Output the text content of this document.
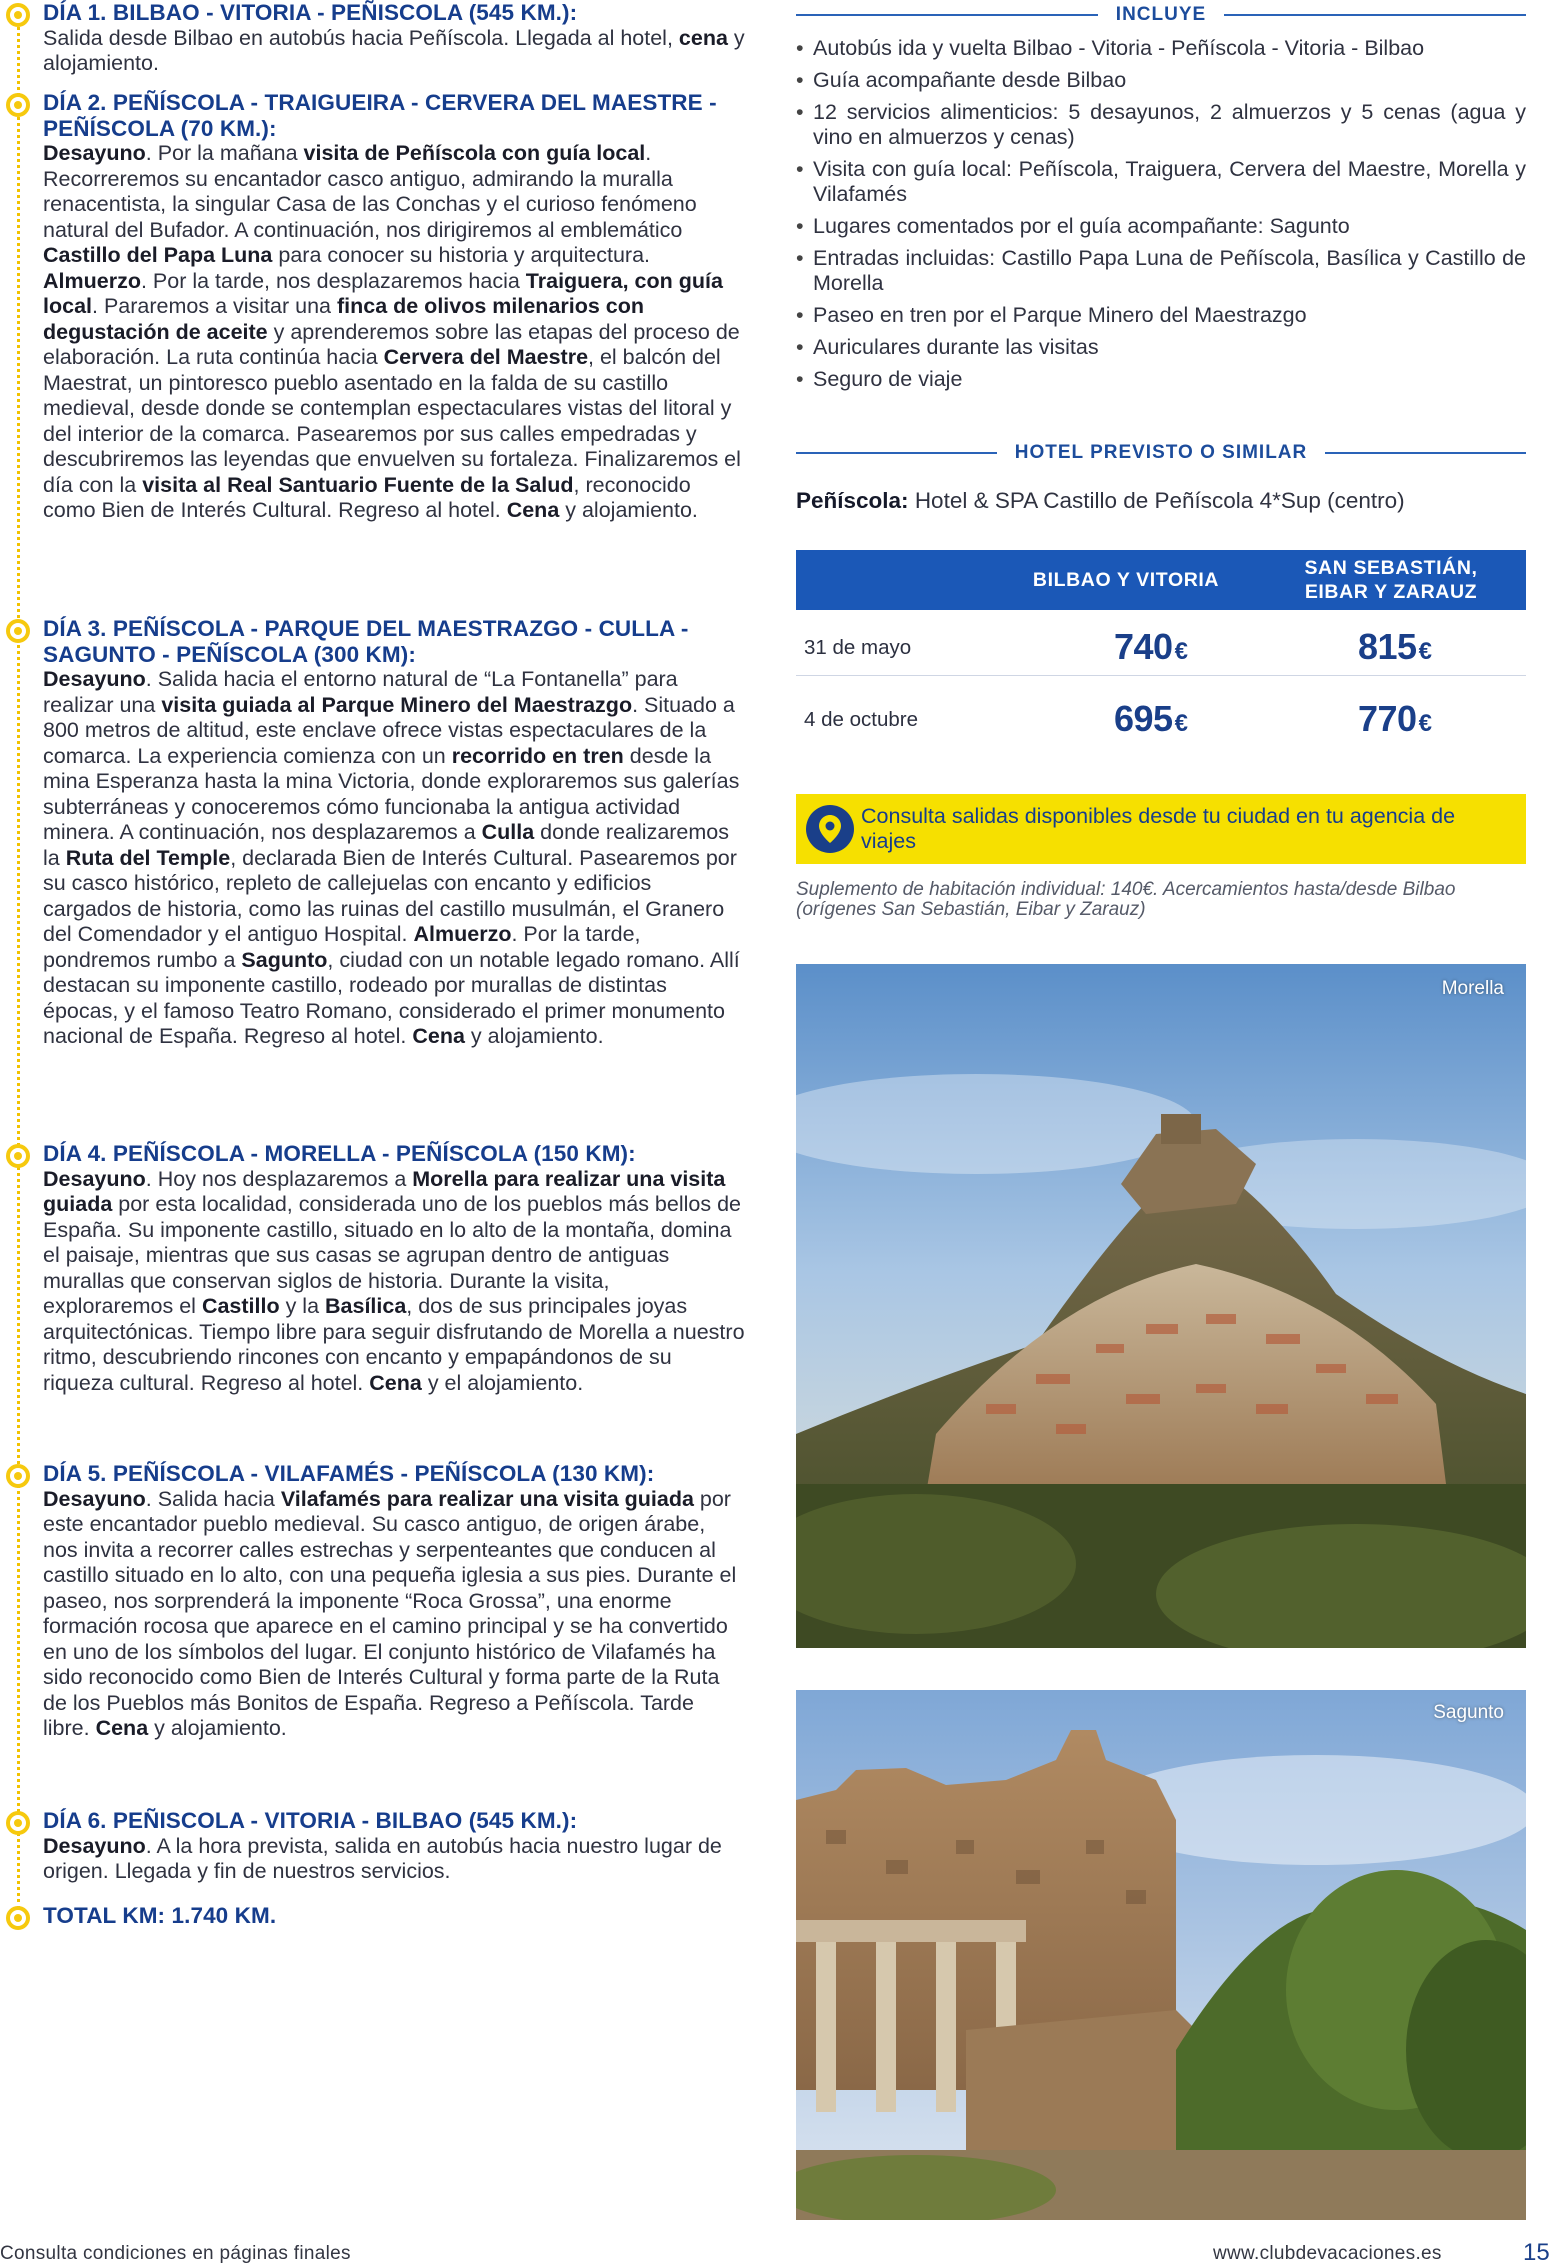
DÍA 1. BILBAO - VITORIA - PEÑISCOLA (545 KM.):
Salida desde Bilbao en autobús hacia Peñíscola. Llegada al hotel, cena y alojamiento.
DÍA 2. PEÑÍSCOLA - TRAIGUEIRA - CERVERA DEL MAESTRE - PEÑÍSCOLA (70 KM.):
Desayuno. Por la mañana visita de Peñíscola con guía local. Recorreremos su encantador casco antiguo, admirando la muralla renacentista, la singular Casa de las Conchas y el curioso fenómeno natural del Bufador. A continuación, nos dirigiremos al emblemático Castillo del Papa Luna para conocer su historia y arquitectura. Almuerzo. Por la tarde, nos desplazaremos hacia Traiguera, con guía local. Pararemos a visitar una finca de olivos milenarios con degustación de aceite y aprenderemos sobre las etapas del proceso de elaboración. La ruta continúa hacia Cervera del Maestre, el balcón del Maestrat, un pintoresco pueblo asentado en la falda de su castillo medieval, desde donde se contemplan espectaculares vistas del litoral y del interior de la comarca. Pasearemos por sus calles empedradas y descubriremos las leyendas que envuelven su fortaleza. Finalizaremos el día con la visita al Real Santuario Fuente de la Salud, reconocido como Bien de Interés Cultural. Regreso al hotel. Cena y alojamiento.
DÍA 3. PEÑÍSCOLA - PARQUE DEL MAESTRAZGO - CULLA - SAGUNTO - PEÑÍSCOLA (300 KM):
Desayuno. Salida hacia el entorno natural de “La Fontanella” para realizar una visita guiada al Parque Minero del Maestrazgo. Situado a 800 metros de altitud, este enclave ofrece vistas espectaculares de la comarca. La experiencia comienza con un recorrido en tren desde la mina Esperanza hasta la mina Victoria, donde exploraremos sus galerías subterráneas y conoceremos cómo funcionaba la antigua actividad minera. A continuación, nos desplazaremos a Culla donde realizaremos la Ruta del Temple, declarada Bien de Interés Cultural. Pasearemos por su casco histórico, repleto de callejuelas con encanto y edificios cargados de historia, como las ruinas del castillo musulmán, el Granero del Comendador y el antiguo Hospital. Almuerzo. Por la tarde, pondremos rumbo a Sagunto, ciudad con un notable legado romano. Allí destacan su imponente castillo, rodeado por murallas de distintas épocas, y el famoso Teatro Romano, considerado el primer monumento nacional de España. Regreso al hotel. Cena y alojamiento.
DÍA 4. PEÑÍSCOLA - MORELLA - PEÑÍSCOLA (150 KM):
Desayuno. Hoy nos desplazaremos a Morella para realizar una visita guiada por esta localidad, considerada uno de los pueblos más bellos de España. Su imponente castillo, situado en lo alto de la montaña, domina el paisaje, mientras que sus casas se agrupan dentro de antiguas murallas que conservan siglos de historia. Durante la visita, exploraremos el Castillo y la Basílica, dos de sus principales joyas arquitectónicas. Tiempo libre para seguir disfrutando de Morella a nuestro ritmo, descubriendo rincones con encanto y empapándonos de su riqueza cultural. Regreso al hotel. Cena y el alojamiento.
DÍA 5. PEÑÍSCOLA - VILAFAMÉS - PEÑÍSCOLA (130 KM):
Desayuno. Salida hacia Vilafamés para realizar una visita guiada por este encantador pueblo medieval. Su casco antiguo, de origen árabe, nos invita a recorrer calles estrechas y serpenteantes que conducen al castillo situado en lo alto, con una pequeña iglesia a sus pies. Durante el paseo, nos sorprenderá la imponente “Roca Grossa”, una enorme formación rocosa que aparece en el camino principal y se ha convertido en uno de los símbolos del lugar. El conjunto histórico de Vilafamés ha sido reconocido como Bien de Interés Cultural y forma parte de la Ruta de los Pueblos más Bonitos de España. Regreso a Peñíscola. Tarde libre. Cena y alojamiento.
DÍA 6. PEÑISCOLA - VITORIA - BILBAO (545 KM.):
Desayuno. A la hora prevista, salida en autobús hacia nuestro lugar de origen. Llegada y fin de nuestros servicios.
TOTAL KM: 1.740 KM.
INCLUYE
• Autobús ida y vuelta Bilbao - Vitoria - Peñíscola - Vitoria - Bilbao
• Guía acompañante desde Bilbao
• 12 servicios alimenticios: 5 desayunos, 2 almuerzos y 5 cenas (agua y vino en almuerzos y cenas)
• Visita con guía local: Peñíscola, Traiguera, Cervera del Maestre, Morella y Vilafamés
• Lugares comentados por el guía acompañante: Sagunto
• Entradas incluidas: Castillo Papa Luna de Peñíscola, Basílica y Castillo de Morella
• Paseo en tren por el Parque Minero del Maestrazgo
• Auriculares durante las visitas
• Seguro de viaje
HOTEL PREVISTO O SIMILAR
Peñíscola: Hotel & SPA Castillo de Peñíscola 4*Sup (centro)
BILBAO Y VITORIA
SAN SEBASTIÁN,
EIBAR Y ZARAUZ
31 de mayo	740€	815€
4 de octubre	695€	770€
Consulta salidas disponibles desde tu ciudad en tu agencia de viajes
Suplemento de habitación individual: 140€. Acercamientos hasta/desde Bilbao (orígenes San Sebastián, Eibar y Zarauz)
Morella
Sagunto
Consulta condiciones en páginas finales	www.clubdevacaciones.es	15
